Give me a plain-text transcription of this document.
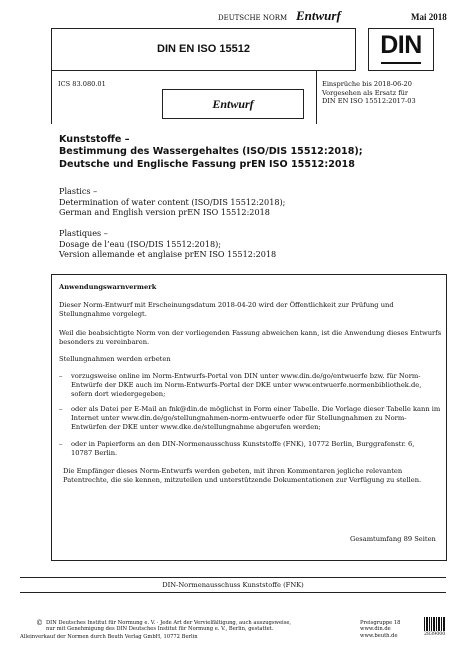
DEUTSCHE NORM Entwurf	Mai 2018
DIN EN ISO 15512	DIN
ICS 83.080.01
Entwurf
Einsprüche bis 2018-06-20
Vorgesehen als Ersatz für
DIN EN ISO 15512:2017-03
Kunststoffe –
Bestimmung des Wassergehaltes (ISO/DIS 15512:2018);
Deutsche und Englische Fassung prEN ISO 15512:2018
Plastics –
Determination of water content (ISO/DIS 15512:2018);
German and English version prEN ISO 15512:2018
Plastiques –
Dosage de l’eau (ISO/DIS 15512:2018);
Version allemande et anglaise prEN ISO 15512:2018
Anwendungswarnvermerk
Dieser Norm-Entwurf mit Erscheinungsdatum 2018-04-20 wird der Öffentlichkeit zur Prüfung und
Stellungnahme vorgelegt.
Weil die beabsichtigte Norm von der vorliegenden Fassung abweichen kann, ist die Anwendung dieses Entwurfs
besonders zu vereinbaren.
Stellungnahmen werden erbeten
– vorzugsweise online im Norm-Entwurfs-Portal von DIN unter www.din.de/go/entwuerfe bzw. für Norm-
Entwürfe der DKE auch im Norm-Entwurfs-Portal der DKE unter www.entwuerfe.normenbibliothek.de,
sofern dort wiedergegeben;
– oder als Datei per E-Mail an fnk@din.de möglichst in Form einer Tabelle. Die Vorlage dieser Tabelle kann im
Internet unter www.din.de/go/stellungnahmen-norm-entwuerfe oder für Stellungnahmen zu Norm-
Entwürfen der DKE unter www.dke.de/stellungnahme abgerufen werden;
– oder in Papierform an den DIN-Normenausschuss Kunststoffe (FNK), 10772 Berlin, Burggrafenstr. 6,
10787 Berlin.
Die Empfänger dieses Norm-Entwurfs werden gebeten, mit ihren Kommentaren jegliche relevanten
Patentrechte, die sie kennen, mitzuteilen und unterstützende Dokumentationen zur Verfügung zu stellen.
Gesamtumfang 89 Seiten
DIN-Normenausschuss Kunststoffe (FNK)
© DIN Deutsches Institut für Normung e. V. · Jede Art der Vervielfältigung, auch auszugsweise,
nur mit Genehmigung des DIN Deutsches Institut für Normung e. V., Berlin, gestattet.
Alleinverkauf der Normen durch Beuth Verlag GmbH, 10772 Berlin
Preisgruppe 18
www.din.de
www.beuth.de	2839000
